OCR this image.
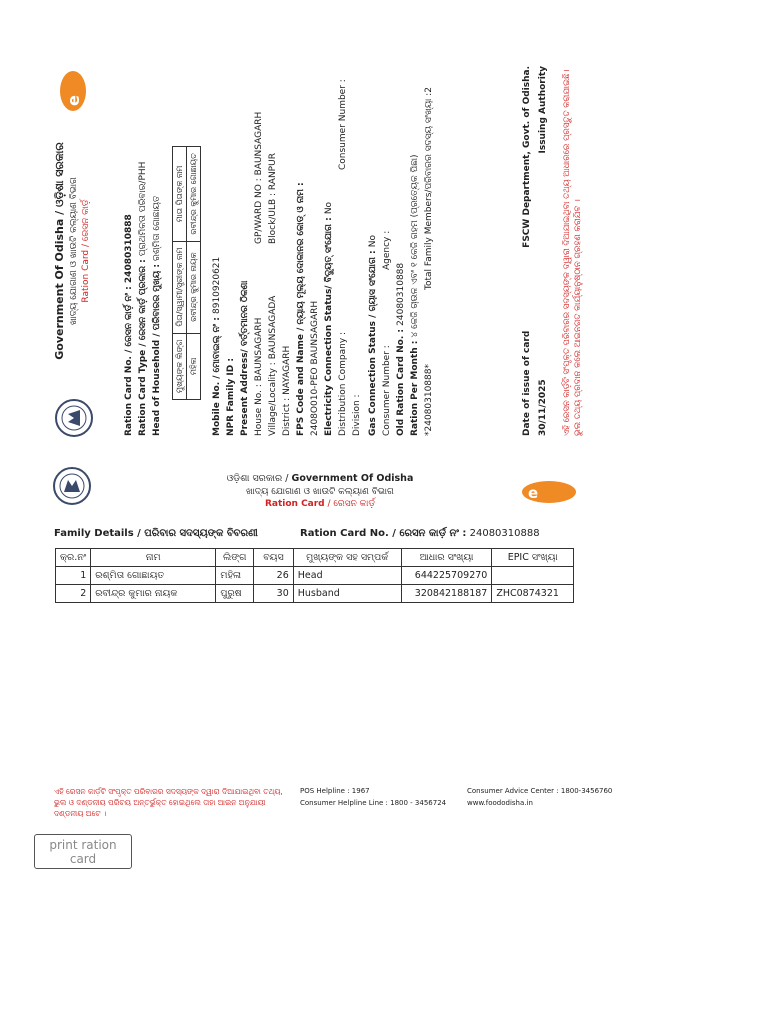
Government Of Odisha / ଓଡ଼ିଶା ସରକାର
ଖାଦ୍ୟ ଯୋଗାଣ ଓ ଖାଉଟି କଲ୍ୟାଣ ବିଭାଗ Ration Card / ରେସନ କାର୍ଡ଼
e
Ration Card No. / ରେସନ କାର୍ଡ଼ ନଂ : 24080310888
Ration Card Type / ରେସନ କାର୍ଡ଼ ପ୍ରକାର : ପ୍ରାଥମିକତା ପରିବାର/PHH
Head of Household / ପରିବାରର ମୁଖ୍ୟ : ରଶ୍ମିତା ଗୋଛାୟତ
ମୁଖ୍ୟଙ୍କ ଲିଙ୍ଗ	ପିତା/ସ୍ୱାମୀ/ସ୍ତ୍ରୀଙ୍କ ନାମ	ମାତା ପିତାଙ୍କ ନାମ
ମହିଳା	ରବୀନ୍ଦ୍ର କୁମାର ନାୟକ	ରବୀନ୍ଦ୍ର କୁମାର ଗୋଛାୟତ
Mobile No. / ମୋବାଇଲ୍ ନଂ : 8910920621
NPR Family ID : Present Address/ ବର୍ତ୍ତମାନର ଠିକଣା House No. : BAUNSAGARH
GP/WARD NO : BAUNSAGARH
Village/Locality : BAUNSAGADA
Block/ULB : RANPUR
District : NAYAGARH FPS Code and Name / ନ୍ୟାୟ ମୂଲ୍ୟ ଦୋକାନର କୋଡ୍ ଓ ନାମ : 2408O010-PEO BAUNSAGARH Electricity Connection Status/ ବିଦ୍ୟୁତ୍ ସଂଯୋଗ : No
Distribution Company :
Consumer Number :
Division : Gas Connection Status / ଗ୍ୟାସ ସଂଯୋଗ : No
Consumer Number :
Agency :
Old Ration Card No. : 24080310888
Ration Per Month : ୪ କେଜି ଚାଉଳ ଏବଂ ୧ କେଜି ଗହମ (ପ୍ରତ୍ୟେକ ପିଛା)
*24080310888*
Total Family Members/ପରିବାରର ସଦସ୍ୟ ସଂଖ୍ୟା :2
Date of issue of card 30/11/2025
FSCW Department, Govt. of Odisha. Issuing Authority ଏହି ରେସନ କାର୍ଡ଼ଟି ସଂପୃକ୍ତ ପରିବାରର ସଦସ୍ୟଙ୍କ ଦ୍ୱାରା ଦିଆଯାଇଥିବା ତଥ୍ୟ ଆଧାରରେ ପ୍ରସ୍ତୁତ କରାଯାଇଛି। ଭୁଲ ତଥ୍ୟ ପ୍ରଦାନ କଲେ ଆଇନଗତ କାର୍ଯ୍ୟାନୁଷ୍ଠାନ ଗ୍ରହଣ କରାଯିବ ।
e
ଓଡ଼ିଶା ସରକାର / Government Of Odisha
ଖାଦ୍ୟ ଯୋଗାଣ ଓ ଖାଉଟି କଲ୍ୟାଣ ବିଭାଗ
Ration Card / ରେସନ କାର୍ଡ଼
Family Details / ପରିବାର ସଦସ୍ୟଙ୍କ ବିବରଣୀ	Ration Card No. / ରେସନ କାର୍ଡ଼ ନଂ : 24080310888
କ୍ର.ନଂ	ନାମ	ଲିଙ୍ଗ	ବୟସ	ମୁଖ୍ୟଙ୍କ ସହ ସମ୍ପର୍କ	ଆଧାର ସଂଖ୍ୟା	EPIC ସଂଖ୍ୟା
1	ରଶ୍ମିତା ଗୋଛାୟତ	ମହିଳା	26	Head	644225709270	
2	ରବୀନ୍ଦ୍ର କୁମାର ନାୟକ	ପୁରୁଷ	30	Husband	320842188187	ZHC0874321
ଏହି ରେସନ କାର୍ଡ଼ଟି ସଂପୃକ୍ତ ପରିବାରର ସଦସ୍ୟଙ୍କ ଦ୍ୱାରା ଦିଆଯାଇଥିବା ତଥ୍ୟ, ଭୁଲ ଓ ଦଣ୍ଡନୀୟ ପରିଚୟ ଅନ୍ତର୍ଭୁକ୍ତ ହୋଇଥିଲେ ତାହା ଆଇନ ଅନୁଯାୟୀ ଦଣ୍ଡନୀୟ ଅଟେ ।
POS Helpline : 1967
Consumer Helpline Line : 1800 - 3456724
Consumer Advice Center : 1800-3456760
www.foododisha.in
print ration card
